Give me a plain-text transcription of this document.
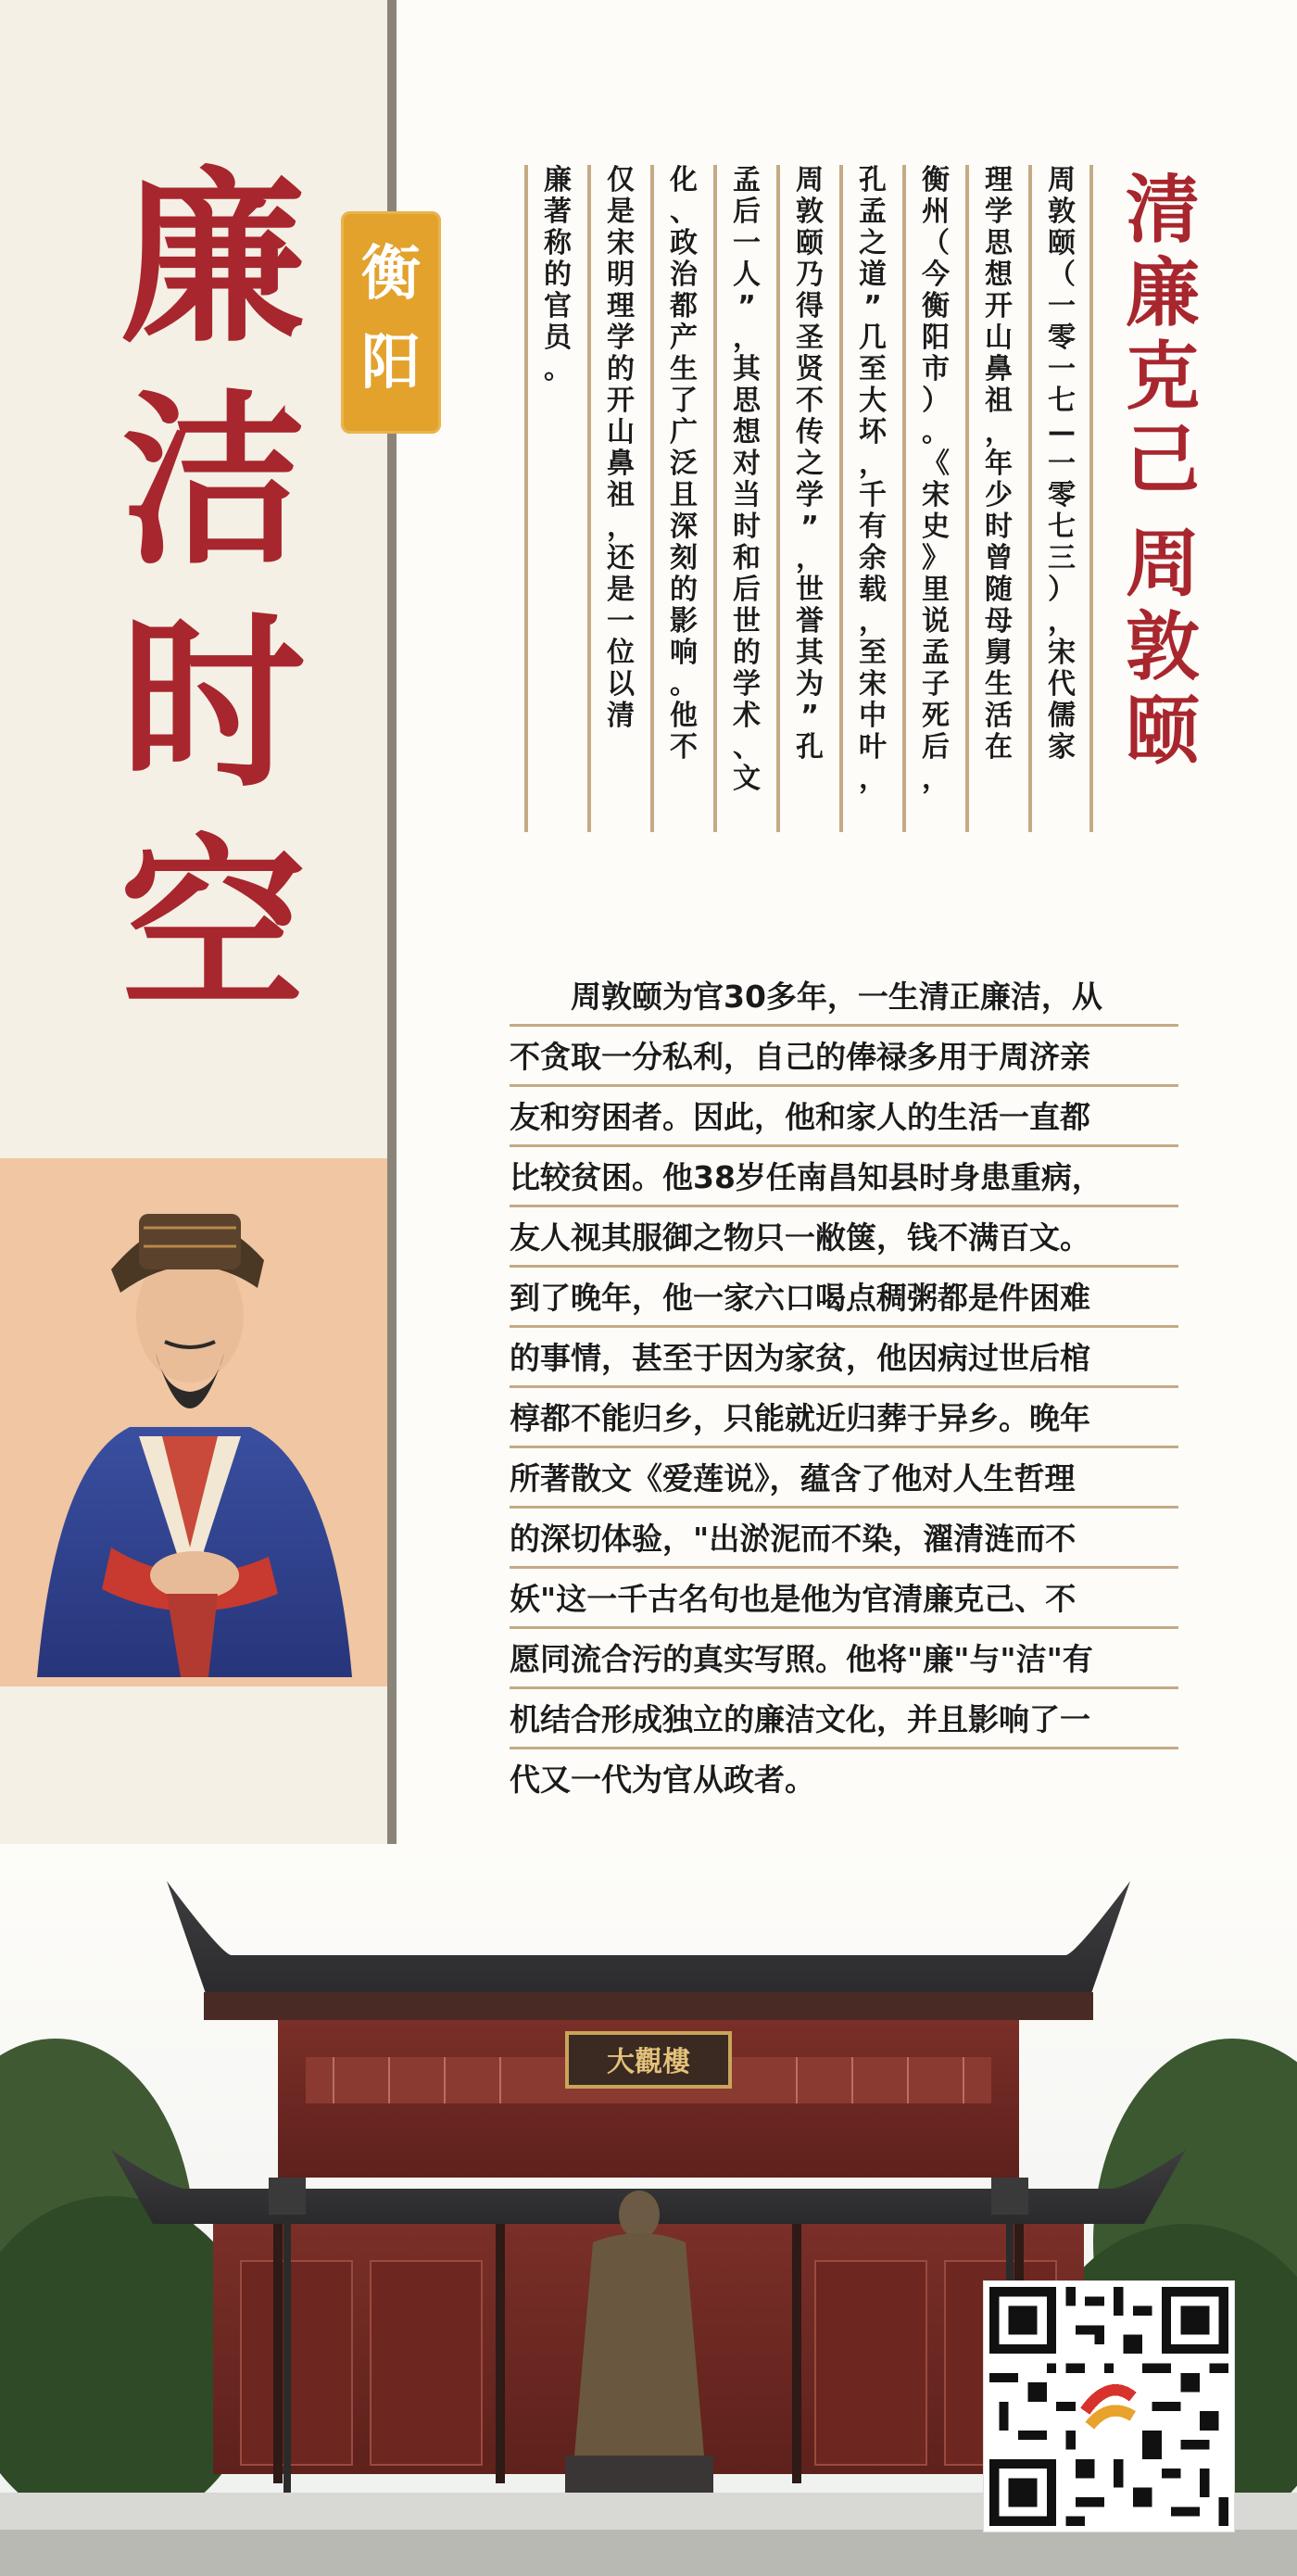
廉
洁
时
空
衡
阳
清
廉
克
己
周
敦
颐
周
敦
颐
（
一
零
一
七
—
一
零
七
三
）
，
宋
代
儒
家
理
学
思
想
开
山
鼻
祖
，
年
少
时
曾
随
母
舅
生
活
在
衡
州
（
今
衡
阳
市
）
。
《
宋
史
》
里
说
孟
子
死
后
，
孔
孟
之
道
”
几
至
大
坏
，
千
有
余
载
，
至
宋
中
叶
，
周
敦
颐
乃
得
圣
贤
不
传
之
学
”
，
世
誉
其
为
”
孔
孟
后
一
人
”
，
其
思
想
对
当
时
和
后
世
的
学
术
、
文
化
、
政
治
都
产
生
了
广
泛
且
深
刻
的
影
响
。
他
不
仅
是
宋
明
理
学
的
开
山
鼻
祖
，
还
是
一
位
以
清
廉
著
称
的
官
员
。
　　周敦颐为官30多年，一生清正廉洁，从
不贪取一分私利，自己的俸禄多用于周济亲
友和穷困者。因此，他和家人的生活一直都
比较贫困。他38岁任南昌知县时身患重病，
友人视其服御之物只一敝箧，钱不满百文。
到了晚年，他一家六口喝点稠粥都是件困难
的事情，甚至于因为家贫，他因病过世后棺
椁都不能归乡，只能就近归葬于异乡。晚年
所著散文《爱莲说》，蕴含了他对人生哲理
的深切体验，"出淤泥而不染，濯清涟而不
妖"这一千古名句也是他为官清廉克己、不
愿同流合污的真实写照。他将"廉"与"洁"有
机结合形成独立的廉洁文化，并且影响了一
代又一代为官从政者。
大觀樓
